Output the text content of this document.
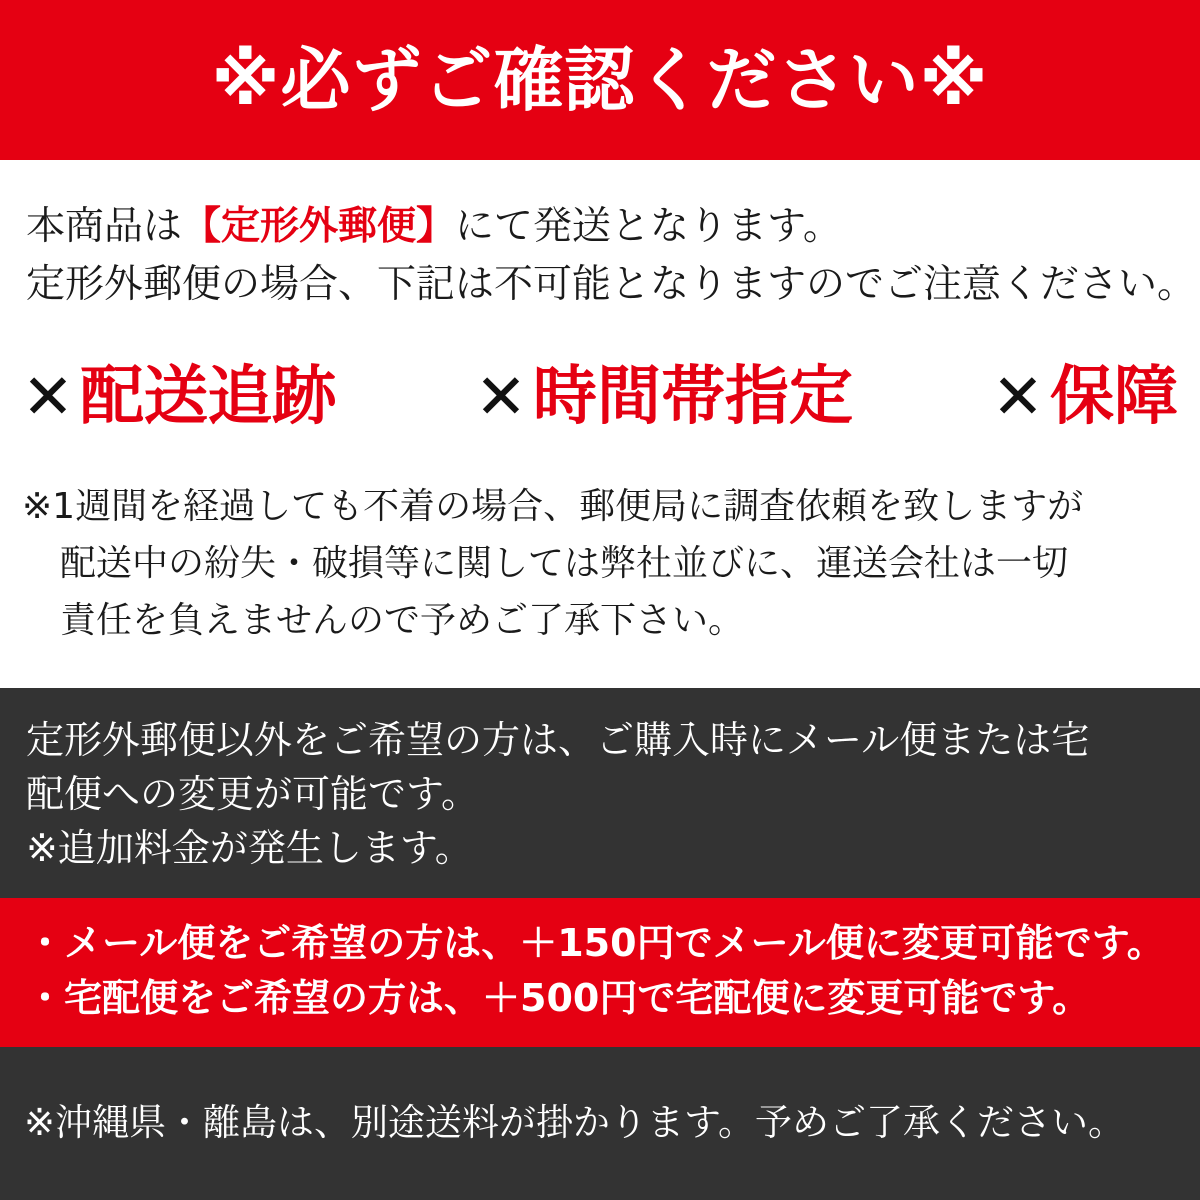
※必ずご確認ください※
本商品は【定形外郵便】にて発送となります。
定形外郵便の場合、下記は不可能となりますのでご注意ください。
✕ 配送追跡 ✕ 時間帯指定 ✕ 保障
※1週間を経過しても不着の場合、郵便局に調査依頼を致しますが
配送中の紛失・破損等に関しては弊社並びに、運送会社は一切
責任を負えませんので予めご了承下さい。
定形外郵便以外をご希望の方は、ご購入時にメール便または宅
配便への変更が可能です。
※追加料金が発生します。
・メール便をご希望の方は、＋150円でメール便に変更可能です。
・宅配便をご希望の方は、＋500円で宅配便に変更可能です。
※沖縄県・離島は、別途送料が掛かります。予めご了承ください。
